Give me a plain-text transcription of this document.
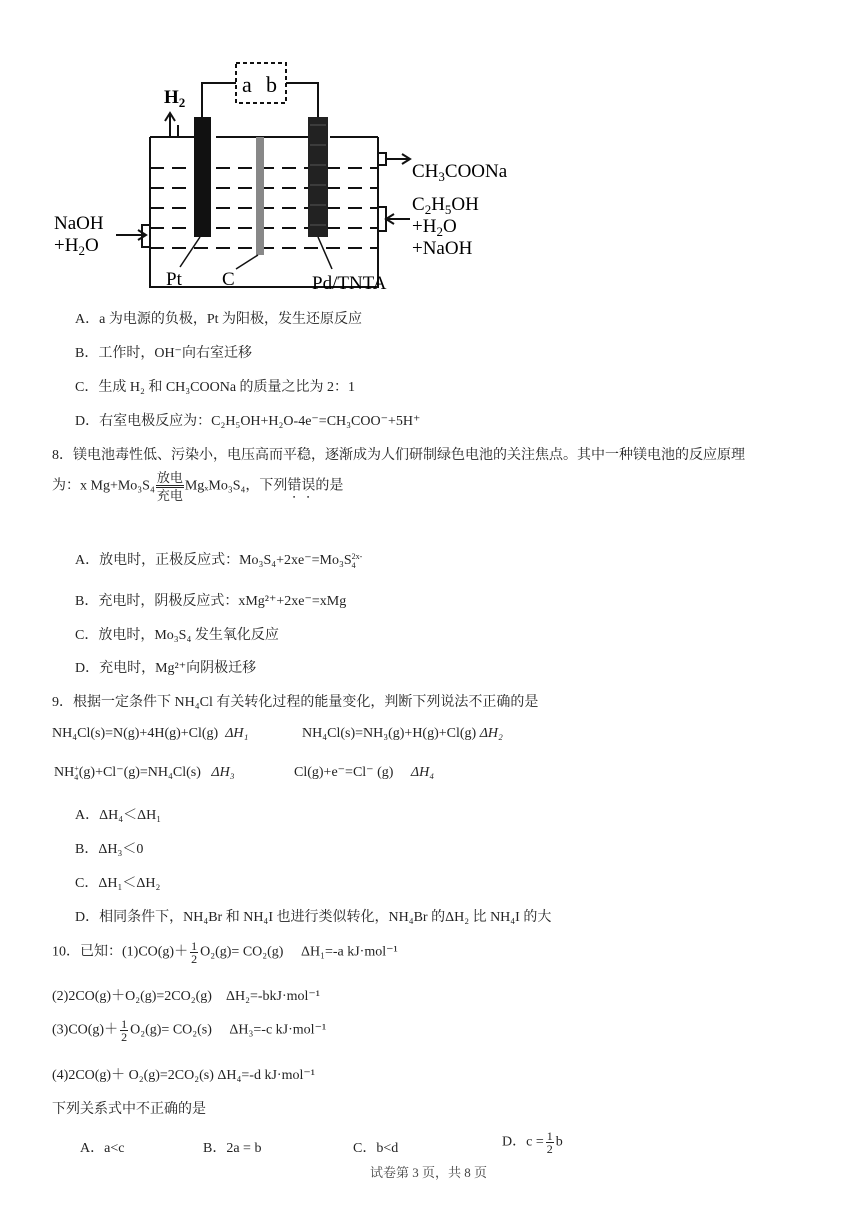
a b
$H_2$
NaOH
$+H_2O$
$CH_3COONa$
$C_2H_5OH$
$+H_2O$
+NaOH
Pt C	Pd/TNTA
A．a 为电源的负极，Pt 为阳极，发生还原反应
B．工作时，OH⁻向右室迁移
C．生成 H₂ 和 CH₃COONa 的质量之比为 2：1
D．右室电极反应为：C₂H₅OH+H₂O-4e⁻=CH₃COO⁻+5H⁺
8．镁电池毒性低、污染小，电压高而平稳，逐渐成为人们研制绿色电池的关注焦点。其中一种镁电池的反应原理
为：x Mg+Mo₃S₄
放电
充电
MgₓMo₃S₄，下列错误的是
A．放电时，正极反应式：Mo₃S₄+2xe⁻=Mo₃S 2x-
4
B．充电时，阴极反应式：xMg²⁺+2xe⁻=xMg
C．放电时，Mo₃S₄ 发生氧化反应
D．充电时，Mg²⁺向阴极迁移
9．根据一定条件下 NH₄Cl 有关转化过程的能量变化，判断下列说法不正确的是
NH₄Cl(s)=N(g)+4H(g)+Cl(g) ΔH₁	NH₄Cl(s)=NH₃(g)+H(g)+Cl(g) ΔH₂
NH +
4 (g)+Cl⁻(g)=NH₄Cl(s) ΔH₃	Cl(g)+e⁻=Cl⁻ (g) ΔH₄
A．ΔH₄＜ΔH₁
B．ΔH₃＜0
C．ΔH₁＜ΔH₂
D．相同条件下，NH₄Br 和 NH₄I 也进行类似转化，NH₄Br 的ΔH₂ 比 NH₄I 的大
10．已知：$(1)CO(g)+ \frac{1}{2} O_2(g)= CO_2(g)$　 ΔH₁=-a kJ·mol⁻¹
(2)2CO(g)＋O₂(g)=2CO₂(g)　ΔH₂=-bkJ·mol⁻¹
$(3)CO(g)+ \frac{1}{2} O_2(g)= CO_2(s)$　 ΔH₃=-c kJ·mol⁻¹
(4)2CO(g)＋ O₂(g)=2CO₂(s) ΔH₄=-d kJ·mol⁻¹
下列关系式中不正确的是
A．a<c	B．2a = b	C．b<d	D．$c = \frac{1}{2}$ b
试卷第 3 页，共 8 页
